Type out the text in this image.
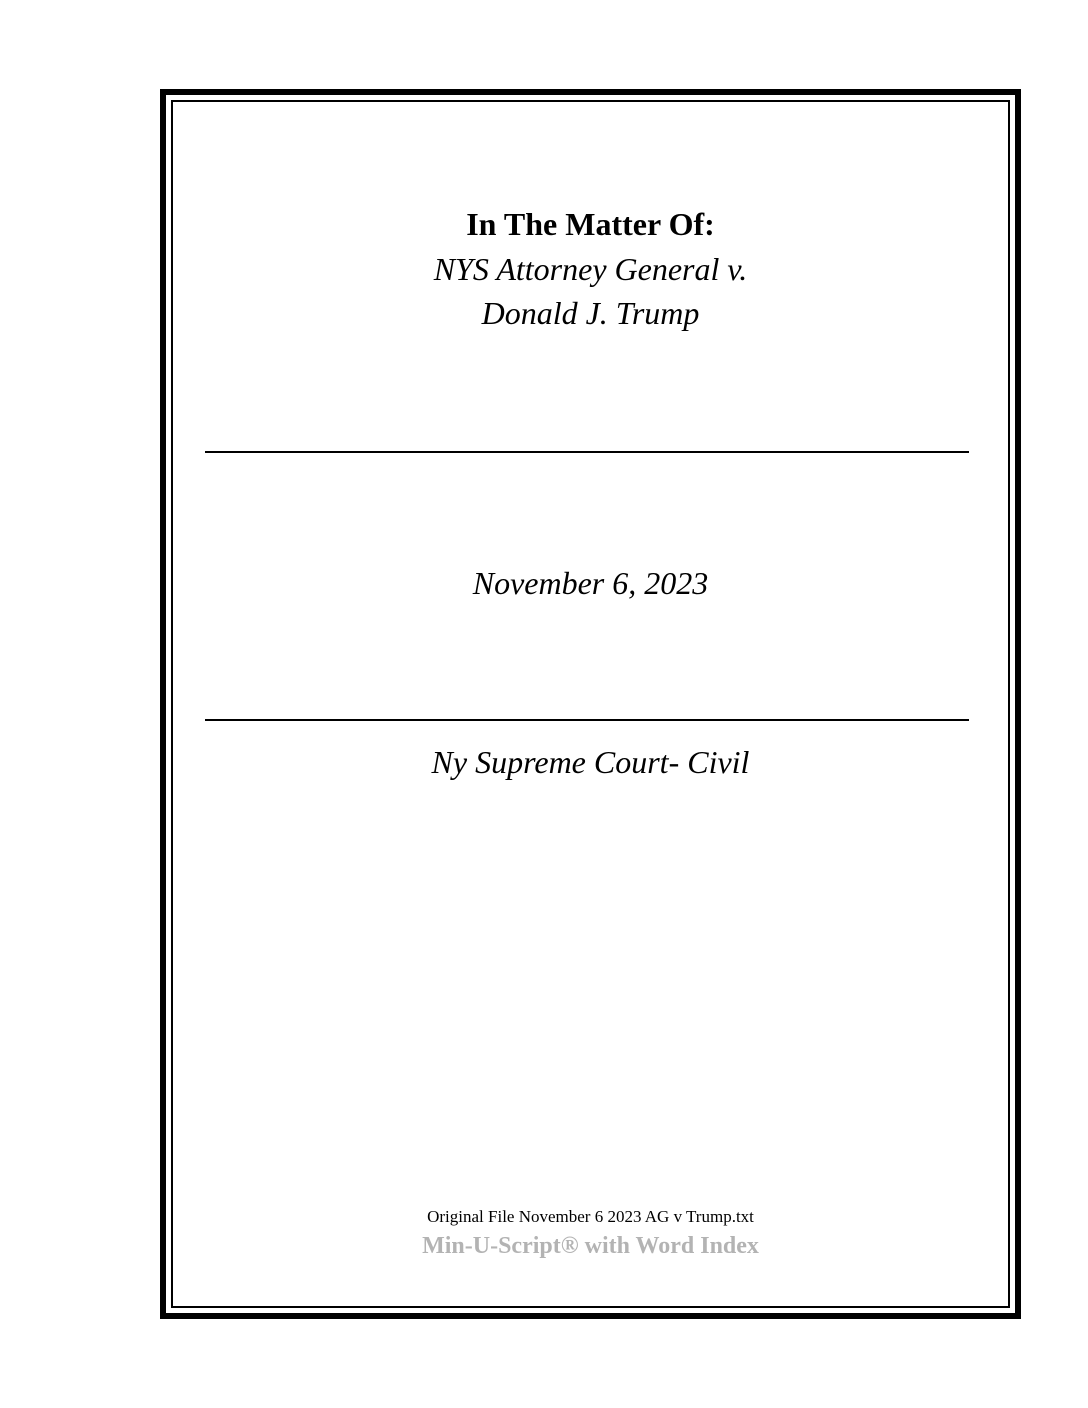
In The Matter Of:
NYS Attorney General v.
Donald J. Trump
November 6, 2023
Ny Supreme Court- Civil
Original File November 6 2023 AG v Trump.txt
Min-U-Script® with Word Index
